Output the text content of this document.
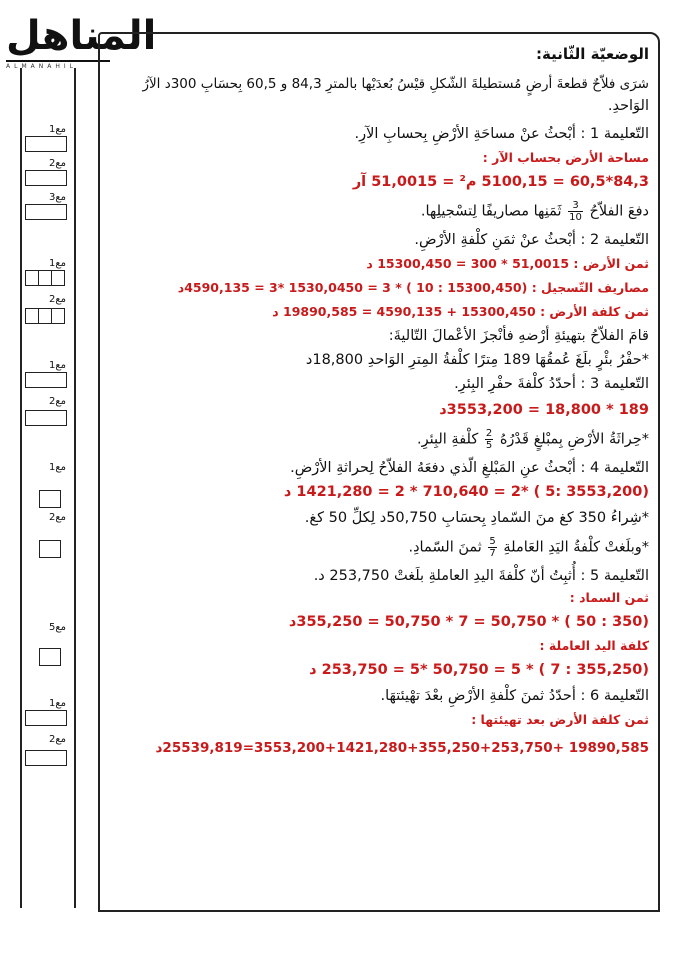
المناهل
ALMANAHIL
مع1
مع2
مع3
مع1
مع2
مع1
مع2
مع1
مع2
مع5
مع1
مع2
الوضعيّة الثّانية:
شرَى فلاّحٌ قطعةَ أرضٍ مُستطيلةَ الشّكلِ قيْسُ بُعدَيْها بالمترِ 84,3 و 60,5 بِحسَابِ 300د الآرُ
الوَاحدِ.
التّعليمة 1 : أبْحثُ عنْ مساحَةِ الأرْضِ بِحسابِ الآرِ.
مساحة الأرض بحساب الآر :
84,3*60,5 = 5100,15 م² = 51,0015 آر
دفعَ الفلاّحُ
$\frac{3}{10}$
ثَمَنِها مصاريفًا لِتسْجيلِها.
التّعليمة 2 : أبْحثُ عنْ ثمَنِ كلْفةِ الأرْضِ.
ثمن الأرض : 51,0015 * 300 = 15300,450 د
مصاريف التّسجيل : (15300,450 : 10 ) * 3 = 1530,0450 *3 = 4590,135د
ثمن كلفة الأرض : 15300,450 + 4590,135 = 19890,585 د
قامَ الفلاّحُ بتهيئةِ أرْضهِ فأنْجزَ الأعْمالَ التّاليةَ:
*حفْرُ بئْرٍ بلَغَ عُمقُهَا 189 مِترًا كلْفةُ المِترِ الوَاحدِ 18,800د
التّعليمة 3 : أحدّدُ كلْفةَ حفْرِ البِئرِ.
189 * 18,800 = 3553,200د
*حِراثَةُ الأرْضِ بِمبْلغٍ قَدْرُهُ
$\frac{2}{5}$
كلْفةِ البِئرِ.
التّعليمة 4 : أبْحثُ عنِ المَبْلغِ الّذي دفعَهُ الفلاّحُ لِحراثةِ الأرْضِ.
(3553,200 :5 ) *2 = 710,640 * 2 = 1421,280 د
*شِراءُ 350 كغ منَ السّمادِ بِحسَابِ 50,750د لِكلِّ 50 كغ.
*وبلَغتْ كلْفةُ اليَدِ العَاملةِ
$\frac{5}{7}$
ثمنَ السّمادِ.
التّعليمة 5 : أُثبِتُ أنّ كلْفةَ اليدِ العاملةِ بلَغتْ 253,750 د.
ثمن السماد :
(350 : 50 ) * 50,750 = 7 * 50,750 = 355,250د
كلفة اليد العاملة :
(355,250 : 7 ) * 5 = 50,750 *5 = 253,750 د
التّعليمة 6 : أحدّدُ ثمنَ كلْفةِ الأرْضِ بعْدَ تهْيئتهَا.
ثمن كلفة الأرض بعد تهيئتها :
19890,585 +3553,200+1421,280+355,250+253,750=25539,819د
